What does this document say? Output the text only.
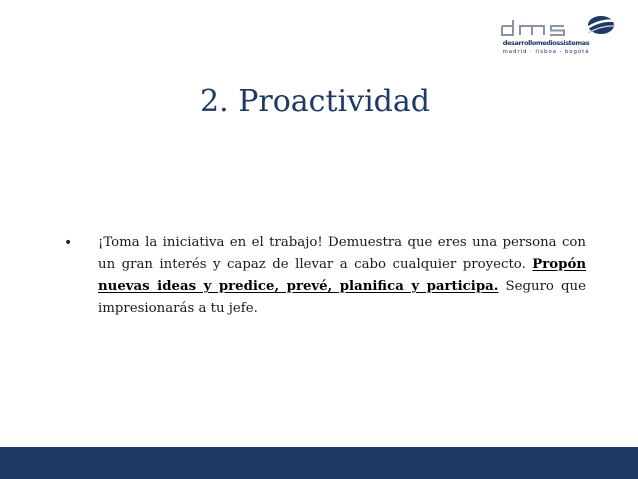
desarrollomediossistemas
madrid · lisboa · bogotá
2. Proactividad
• ¡Toma la iniciativa en el trabajo! Demuestra que eres una persona con un gran interés y capaz de llevar a cabo cualquier proyecto. Propón nuevas ideas y predice, prevé, planifica y participa. Seguro que impresionarás a tu jefe.
